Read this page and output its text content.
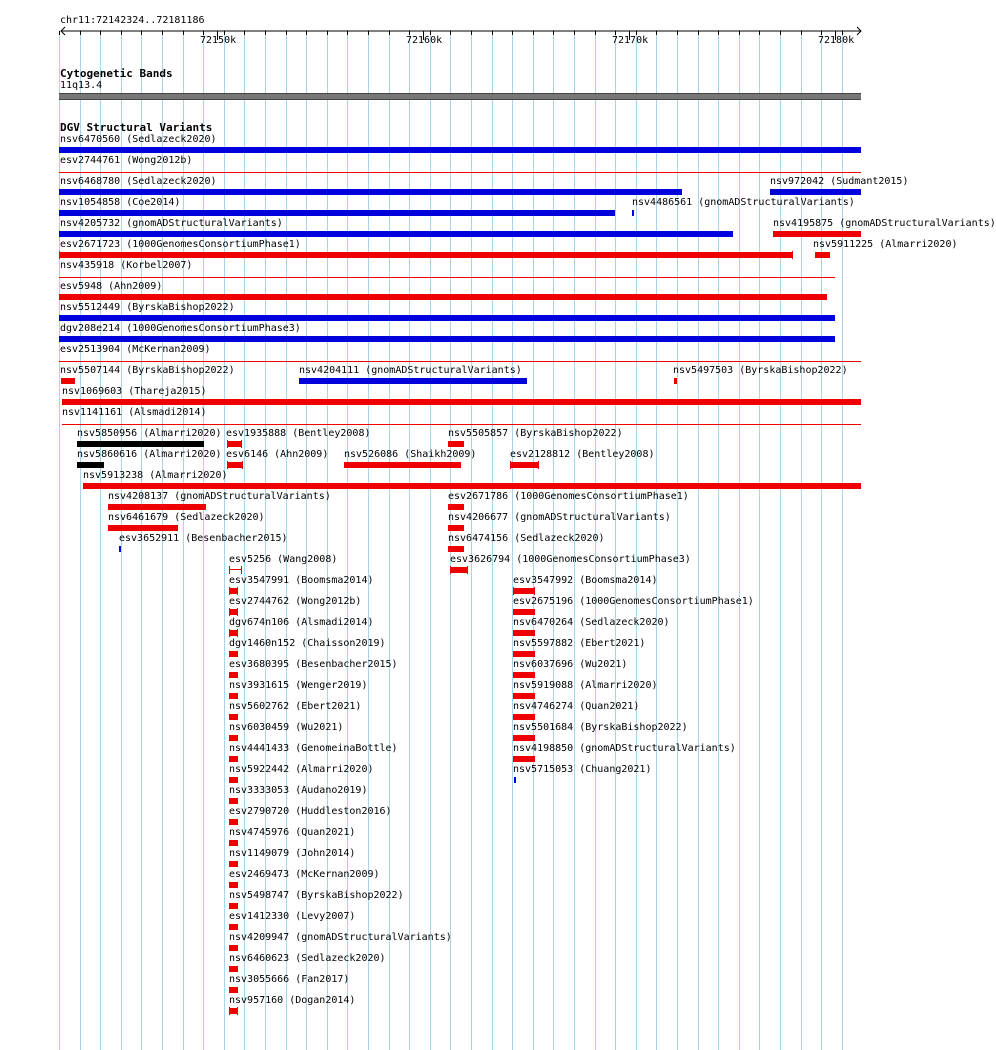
chr11:72142324..72181186
72150k	72160k	72170k	72180k
Cytogenetic Bands
11q13.4
DGV Structural Variants
nsv6470560 (Sedlazeck2020)
esv2744761 (Wong2012b)
nsv6468780 (Sedlazeck2020)	nsv972042 (Sudmant2015)
nsv1054858 (Coe2014)	nsv4486561 (gnomADStructuralVariants)
nsv4205732 (gnomADStructuralVariants)	nsv4195875 (gnomADStructuralVariants)
esv2671723 (1000GenomesConsortiumPhase1)	nsv5911225 (Almarri2020)
nsv435918 (Korbel2007)
esv5948 (Ahn2009)
nsv5512449 (ByrskaBishop2022)
dgv208e214 (1000GenomesConsortiumPhase3)
esv2513904 (McKernan2009)
nsv5507144 (ByrskaBishop2022)	nsv4204111 (gnomADStructuralVariants)	nsv5497503 (ByrskaBishop2022)
nsv1069603 (Thareja2015)
nsv1141161 (Alsmadi2014)
nsv5850956 (Almarri2020) esv1935888 (Bentley2008)	nsv5505857 (ByrskaBishop2022)
nsv5860616 (Almarri2020) esv6146 (Ahn2009) nsv526086 (Shaikh2009)	esv2128812 (Bentley2008)
nsv5913238 (Almarri2020)
nsv4208137 (gnomADStructuralVariants)	esv2671786 (1000GenomesConsortiumPhase1)
nsv6461679 (Sedlazeck2020)	nsv4206677 (gnomADStructuralVariants)
esv3652911 (Besenbacher2015)	nsv6474156 (Sedlazeck2020)
esv5256 (Wang2008)	esv3626794 (1000GenomesConsortiumPhase3)
esv3547991 (Boomsma2014)	esv3547992 (Boomsma2014)
esv2744762 (Wong2012b)	esv2675196 (1000GenomesConsortiumPhase1)
dgv674n106 (Alsmadi2014)	nsv6470264 (Sedlazeck2020)
dgv1460n152 (Chaisson2019)	nsv5597882 (Ebert2021)
esv3680395 (Besenbacher2015)	nsv6037696 (Wu2021)
nsv3931615 (Wenger2019)	nsv5919088 (Almarri2020)
nsv5602762 (Ebert2021)	nsv4746274 (Quan2021)
nsv6030459 (Wu2021)	nsv5501684 (ByrskaBishop2022)
nsv4441433 (GenomeinaBottle)	nsv4198850 (gnomADStructuralVariants)
nsv5922442 (Almarri2020)	nsv5715053 (Chuang2021)
nsv3333053 (Audano2019)
esv2790720 (Huddleston2016)
nsv4745976 (Quan2021)
nsv1149079 (John2014)
esv2469473 (McKernan2009)
nsv5498747 (ByrskaBishop2022)
esv1412330 (Levy2007)
nsv4209947 (gnomADStructuralVariants)
nsv6460623 (Sedlazeck2020)
nsv3055666 (Fan2017)
nsv957160 (Dogan2014)
